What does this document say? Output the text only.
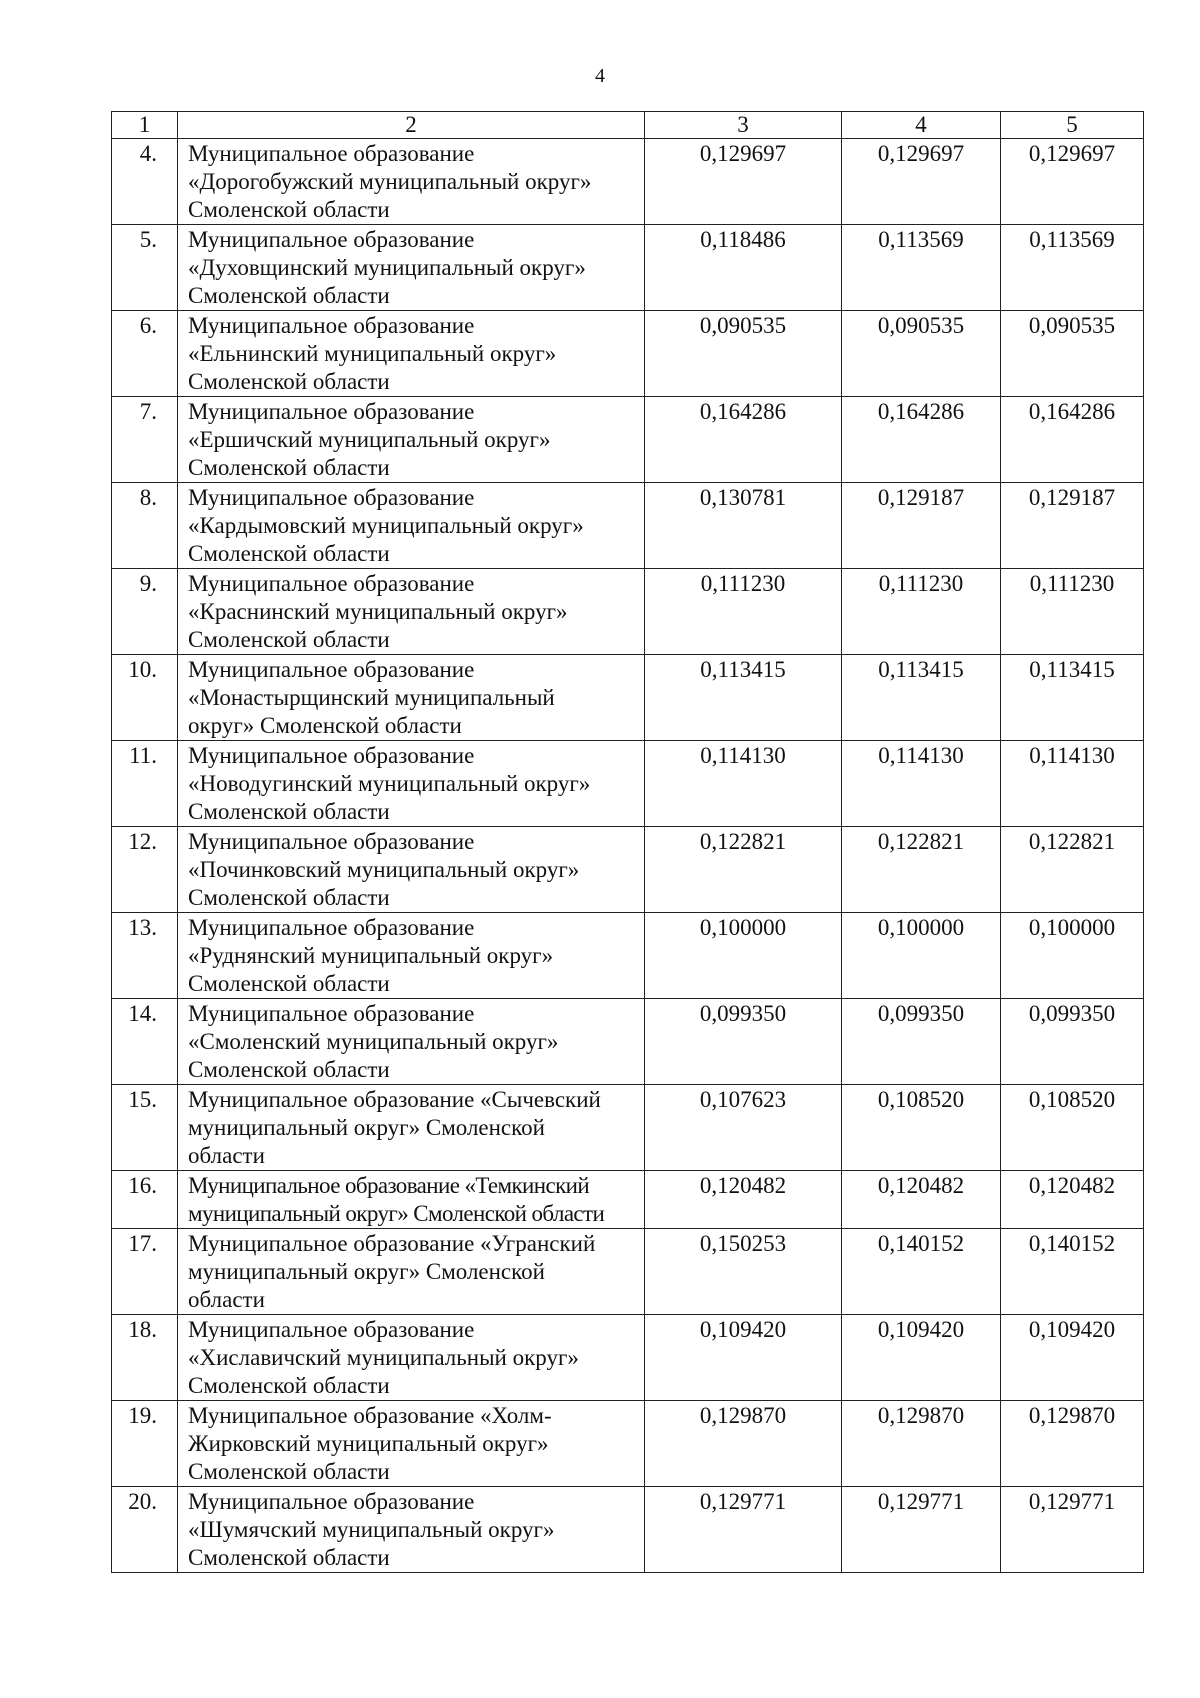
4
1	2	3	4	5
4.	Муниципальное образование
«Дорогобужский муниципальный округ»
Смоленской области	0,129697	0,129697	0,129697
5.	Муниципальное образование
«Духовщинский муниципальный округ»
Смоленской области	0,118486	0,113569	0,113569
6.	Муниципальное образование
«Ельнинский муниципальный округ»
Смоленской области	0,090535	0,090535	0,090535
7.	Муниципальное образование
«Ершичский муниципальный округ»
Смоленской области	0,164286	0,164286	0,164286
8.	Муниципальное образование
«Кардымовский муниципальный округ»
Смоленской области	0,130781	0,129187	0,129187
9.	Муниципальное образование
«Краснинский муниципальный округ»
Смоленской области	0,111230	0,111230	0,111230
10.	Муниципальное образование
«Монастырщинский муниципальный
округ» Смоленской области	0,113415	0,113415	0,113415
11.	Муниципальное образование
«Новодугинский муниципальный округ»
Смоленской области	0,114130	0,114130	0,114130
12.	Муниципальное образование
«Починковский муниципальный округ»
Смоленской области	0,122821	0,122821	0,122821
13.	Муниципальное образование
«Руднянский муниципальный округ»
Смоленской области	0,100000	0,100000	0,100000
14.	Муниципальное образование
«Смоленский муниципальный округ»
Смоленской области	0,099350	0,099350	0,099350
15.	Муниципальное образование «Сычевский
муниципальный округ» Смоленской
области	0,107623	0,108520	0,108520
16.	Муниципальное образование «Темкинский
муниципальный округ» Смоленской области	0,120482	0,120482	0,120482
17.	Муниципальное образование «Угранский
муниципальный округ» Смоленской
области	0,150253	0,140152	0,140152
18.	Муниципальное образование
«Хиславичский муниципальный округ»
Смоленской области	0,109420	0,109420	0,109420
19.	Муниципальное образование «Холм-
Жирковский муниципальный округ»
Смоленской области	0,129870	0,129870	0,129870
20.	Муниципальное образование
«Шумячский муниципальный округ»
Смоленской области	0,129771	0,129771	0,129771
